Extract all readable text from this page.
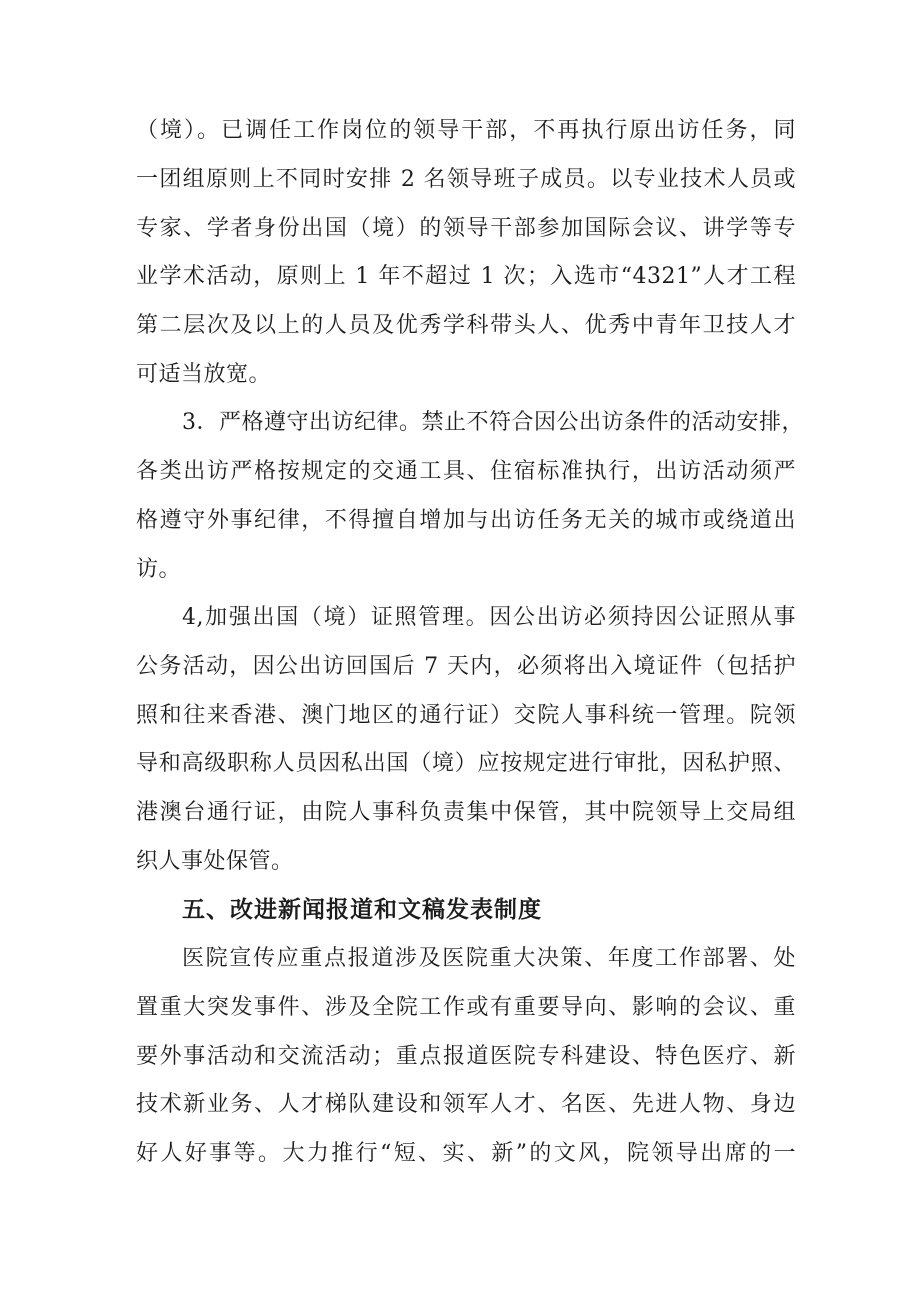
（境）。已调任工作岗位的领导干部，不再执行原出访任务，同
一团组原则上不同时安排 2 名领导班子成员。以专业技术人员或
专家、学者身份出国（境）的领导干部参加国际会议、讲学等专
业学术活动，原则上 1 年不超过 1 次；入选市“4321”人才工程
第二层次及以上的人员及优秀学科带头人、优秀中青年卫技人才
可适当放宽。
3．严格遵守出访纪律。禁止不符合因公出访条件的活动安排，
各类出访严格按规定的交通工具、住宿标准执行，出访活动须严
格遵守外事纪律，不得擅自增加与出访任务无关的城市或绕道出
访。
4,加强出国（境）证照管理。因公出访必须持因公证照从事
公务活动，因公出访回国后 7 天内，必须将出入境证件（包括护
照和往来香港、澳门地区的通行证）交院人事科统一管理。院领
导和高级职称人员因私出国（境）应按规定进行审批，因私护照、
港澳台通行证，由院人事科负责集中保管，其中院领导上交局组
织人事处保管。
五、改进新闻报道和文稿发表制度
医院宣传应重点报道涉及医院重大决策、年度工作部署、处
置重大突发事件、涉及全院工作或有重要导向、影响的会议、重
要外事活动和交流活动；重点报道医院专科建设、特色医疗、新
技术新业务、人才梯队建设和领军人才、名医、先进人物、身边
好人好事等。大力推行“短、实、新”的文风，院领导出席的一
